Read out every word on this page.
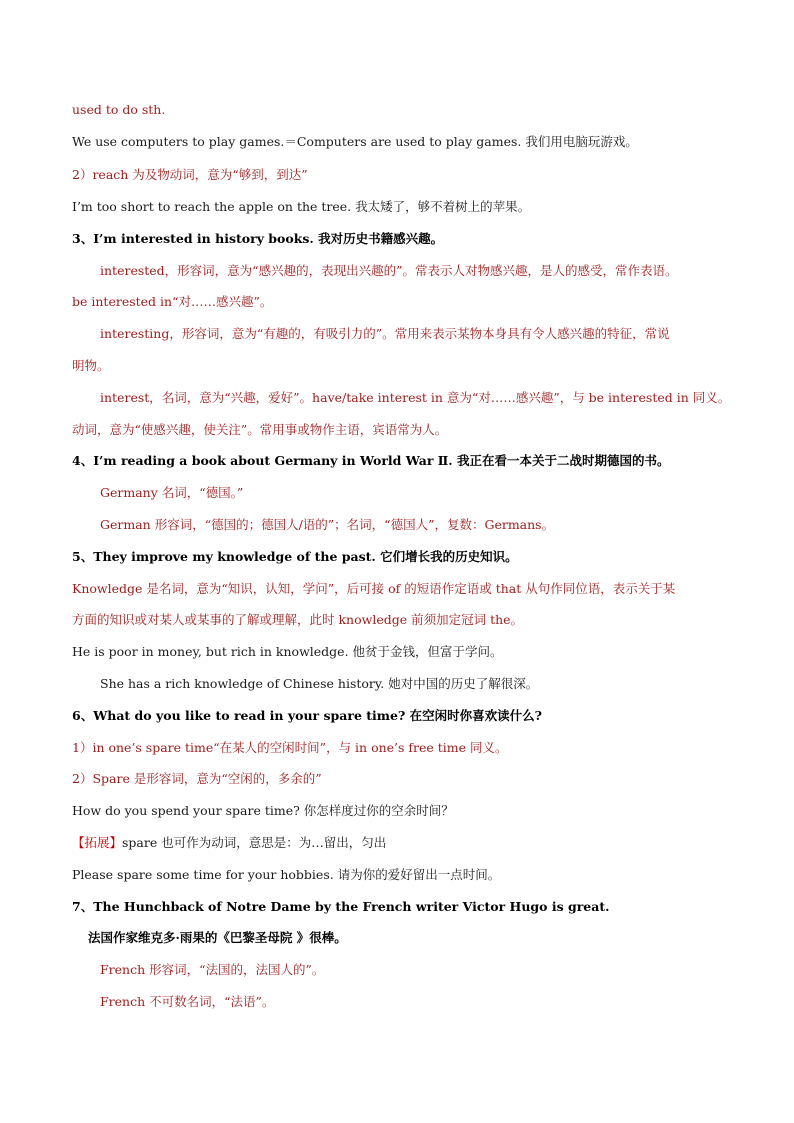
used to do sth.
We use computers to play games.＝Computers are used to play games. 我们用电脑玩游戏。
2）reach 为及物动词，意为“够到，到达”
I’m too short to reach the apple on the tree. 我太矮了，够不着树上的苹果。
3、I’m interested in history books. 我对历史书籍感兴趣。
interested，形容词，意为“感兴趣的，表现出兴趣的”。常表示人对物感兴趣，是人的感受，常作表语。
be interested in“对……感兴趣”。
interesting，形容词，意为“有趣的，有吸引力的”。常用来表示某物本身具有令人感兴趣的特征，常说
明物。
interest，名词，意为“兴趣，爱好”。have/take interest in 意为“对……感兴趣”，与 be interested in 同义。
动词，意为“使感兴趣，使关注”。常用事或物作主语，宾语常为人。
4、I’m reading a book about Germany in World War Ⅱ. 我正在看一本关于二战时期德国的书。
Germany 名词，“德国。”
German 形容词，“德国的；德国人/语的”；名词，“德国人”，复数：Germans。
5、They improve my knowledge of the past. 它们增长我的历史知识。
Knowledge 是名词，意为“知识，认知，学问”，后可接 of 的短语作定语或 that 从句作同位语，表示关于某
方面的知识或对某人或某事的了解或理解，此时 knowledge 前须加定冠词 the。
He is poor in money, but rich in knowledge. 他贫于金钱，但富于学问。
She has a rich knowledge of Chinese history. 她对中国的历史了解很深。
6、What do you like to read in your spare time? 在空闲时你喜欢读什么?
1）in one’s spare time“在某人的空闲时间”，与 in one’s free time 同义。
2）Spare 是形容词，意为“空闲的，多余的”
How do you spend your spare time? 你怎样度过你的空余时间？
【拓展】spare 也可作为动词，意思是：为…留出，匀出
Please spare some time for your hobbies. 请为你的爱好留出一点时间。
7、The Hunchback of Notre Dame by the French writer Victor Hugo is great.
法国作家维克多·雨果的《巴黎圣母院 》很棒。
French 形容词，“法国的，法国人的”。
French 不可数名词，“法语”。
